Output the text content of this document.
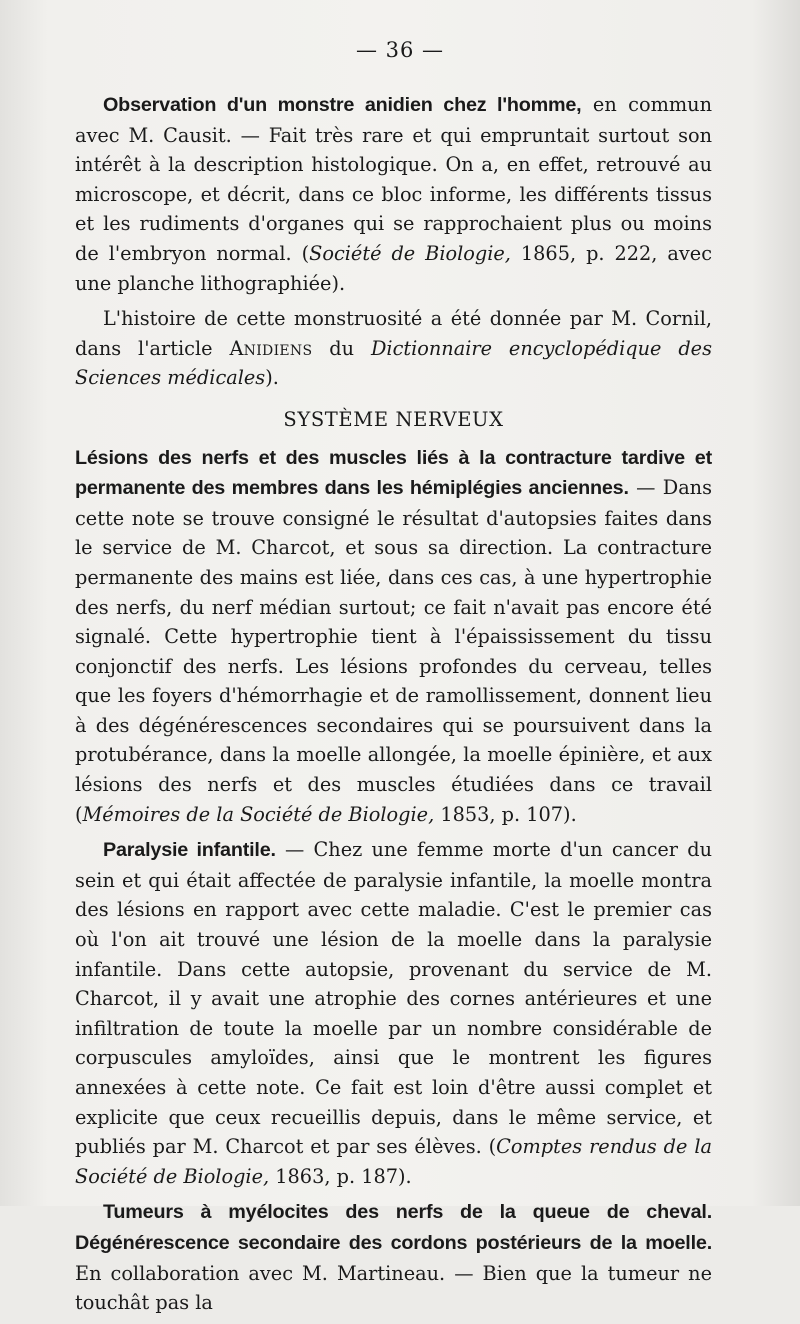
— 36 —

Observation d'un monstre anidien chez l'homme, en commun avec M. Causit. — Fait très rare et qui empruntait surtout son intérêt à la description histologique. On a, en effet, retrouvé au microscope, et décrit, dans ce bloc informe, les différents tissus et les rudiments d'organes qui se rapprochaient plus ou moins de l'embryon normal. (Société de Biologie, 1865, p. 222, avec une planche lithographiée).

L'histoire de cette monstruosité a été donnée par M. Cornil, dans l'article Anidiens du Dictionnaire encyclopédique des Sciences médicales).

SYSTÈME NERVEUX

Lésions des nerfs et des muscles liés à la contracture tardive et permanente des membres dans les hémiplégies anciennes. — Dans cette note se trouve consigné le résultat d'autopsies faites dans le service de M. Charcot, et sous sa direction. La contracture permanente des mains est liée, dans ces cas, à une hypertrophie des nerfs, du nerf médian surtout; ce fait n'avait pas encore été signalé. Cette hypertrophie tient à l'épaississement du tissu conjonctif des nerfs. Les lésions profondes du cerveau, telles que les foyers d'hémorrhagie et de ramollissement, donnent lieu à des dégénérescences secondaires qui se poursuivent dans la protubérance, dans la moelle allongée, la moelle épinière, et aux lésions des nerfs et des muscles étudiées dans ce travail (Mémoires de la Société de Biologie, 1853, p. 107).

Paralysie infantile. — Chez une femme morte d'un cancer du sein et qui était affectée de paralysie infantile, la moelle montra des lésions en rapport avec cette maladie. C'est le premier cas où l'on ait trouvé une lésion de la moelle dans la paralysie infantile. Dans cette autopsie, provenant du service de M. Charcot, il y avait une atrophie des cornes antérieures et une infiltration de toute la moelle par un nombre considérable de corpuscules amyloïdes, ainsi que le montrent les figures annexées à cette note. Ce fait est loin d'être aussi complet et explicite que ceux recueillis depuis, dans le même service, et publiés par M. Charcot et par ses élèves. (Comptes rendus de la Société de Biologie, 1863, p. 187).

Tumeurs à myélocites des nerfs de la queue de cheval. Dégénérescence secondaire des cordons postérieurs de la moelle. En collaboration avec M. Martineau. — Bien que la tumeur ne touchât pas la
